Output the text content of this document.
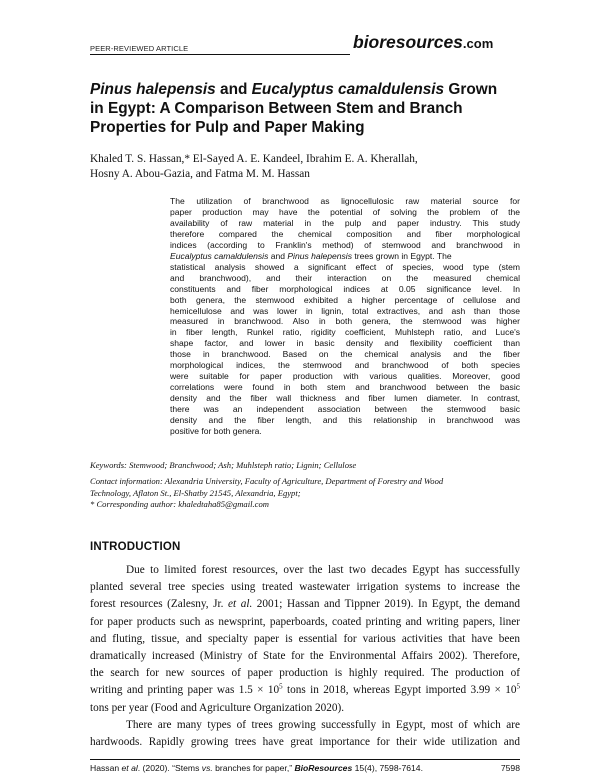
PEER-REVIEWED ARTICLE	bioresources.com
Pinus halepensis and Eucalyptus camaldulensis Grown
in Egypt: A Comparison Between Stem and Branch
Properties for Pulp and Paper Making
Khaled T. S. Hassan,* El-Sayed A. E. Kandeel, Ibrahim E. A. Kherallah,
Hosny A. Abou-Gazia, and Fatma M. M. Hassan
The utilization of branchwood as lignocellulosic raw material source for
paper production may have the potential of solving the problem of the
availability of raw material in the pulp and paper industry. This study
therefore compared the chemical composition and fiber morphological
indices (according to Franklin's method) of stemwood and branchwood in
Eucalyptus camaldulensis and Pinus halepensis trees grown in Egypt. The
statistical analysis showed a significant effect of species, wood type (stem
and branchwood), and their interaction on the measured chemical
constituents and fiber morphological indices at 0.05 significance level. In
both genera, the stemwood exhibited a higher percentage of cellulose and
hemicellulose and was lower in lignin, total extractives, and ash than those
measured in branchwood. Also in both genera, the stemwood was higher
in fiber length, Runkel ratio, rigidity coefficient, Muhlsteph ratio, and Luce's
shape factor, and lower in basic density and flexibility coefficient than
those in branchwood. Based on the chemical analysis and the fiber
morphological indices, the stemwood and branchwood of both species
were suitable for paper production with various qualities. Moreover, good
correlations were found in both stem and branchwood between the basic
density and the fiber wall thickness and fiber lumen diameter. In contrast,
there was an independent association between the stemwood basic
density and the fiber length, and this relationship in branchwood was
positive for both genera.
Keywords: Stemwood; Branchwood; Ash; Muhlsteph ratio; Lignin; Cellulose
Contact information: Alexandria University, Faculty of Agriculture, Department of Forestry and Wood
Technology, Aflaton St., El-Shatby 21545, Alexandria, Egypt;
* Corresponding author: khaledtaha85@gmail.com
INTRODUCTION
Due to limited forest resources, over the last two decades Egypt has successfully
planted several tree species using treated wastewater irrigation systems to increase the
forest resources (Zalesny, Jr. et al. 2001; Hassan and Tippner 2019). In Egypt, the demand
for paper products such as newsprint, paperboards, coated printing and writing papers, liner
and fluting, tissue, and specialty paper is essential for various activities that have been
dramatically increased (Ministry of State for the Environmental Affairs 2002). Therefore,
the search for new sources of paper production is highly required. The production of
writing and printing paper was $1.5 \times 10^5$ tons in 2018, whereas Egypt imported $3.99 \times 10^5$
tons per year (Food and Agriculture Organization 2020).
There are many types of trees growing successfully in Egypt, most of which are
hardwoods. Rapidly growing trees have great importance for their wide utilization and
Hassan et al. (2020). “Stems vs. branches for paper,” BioResources 15(4), 7598-7614.	7598
